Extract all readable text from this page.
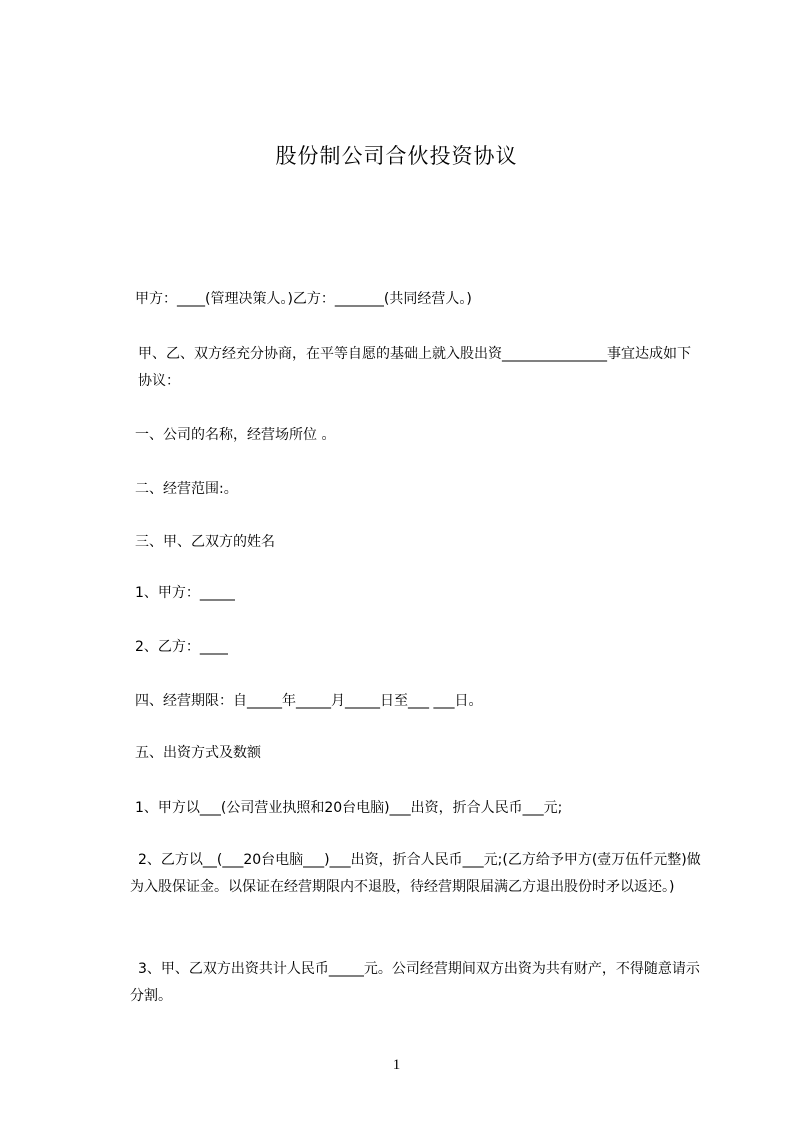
股份制公司合伙投资协议

甲方：____(管理决策人。)乙方：_______(共同经营人。)

甲、乙、双方经充分协商，在平等自愿的基础上就入股出资_______________事宜达成如下协议：

一、公司的名称，经营场所位 。

二、经营范围:。

三、甲、乙双方的姓名

1、甲方：_____

2、乙方：____

四、经营期限：自_____年_____月_____日至___ ___日。

五、出资方式及数额

1、甲方以___(公司营业执照和20台电脑)___出资，折合人民币___元;

2、乙方以__(___20台电脑___)___出资，折合人民币___元;(乙方给予甲方(壹万伍仟元整)做为入股保证金。以保证在经营期限内不退股，待经营期限届满乙方退出股份时矛以返还。)

3、甲、乙双方出资共计人民币_____元。公司经营期间双方出资为共有财产，不得随意请示分割。

1
